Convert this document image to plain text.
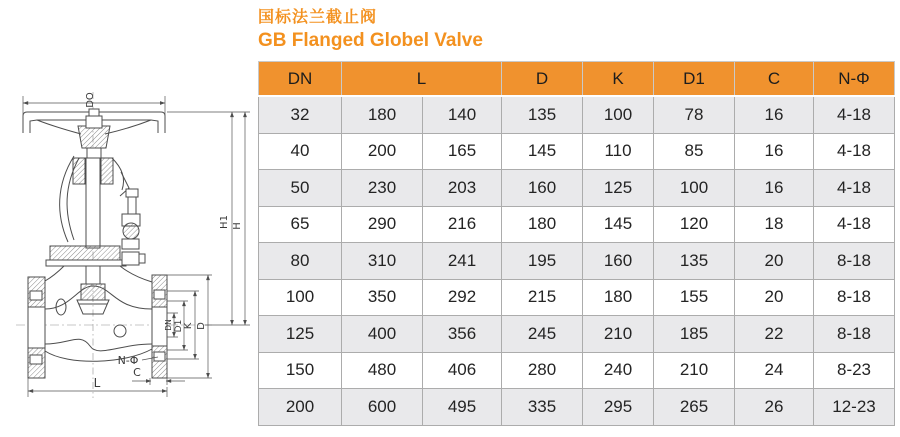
DO
H1 H
DN D1 K D
N-Φ
C
L
国标法兰截止阀
GB Flanged Globel Valve
DN	L		D	K	D1	C	N-Φ
32	180	140	135	100	78	16	4-18
40	200	165	145	110	85	16	4-18
50	230	203	160	125	100	16	4-18
65	290	216	180	145	120	18	4-18
80	310	241	195	160	135	20	8-18
100	350	292	215	180	155	20	8-18
125	400	356	245	210	185	22	8-18
150	480	406	280	240	210	24	8-23
200	600	495	335	295	265	26	12-23
